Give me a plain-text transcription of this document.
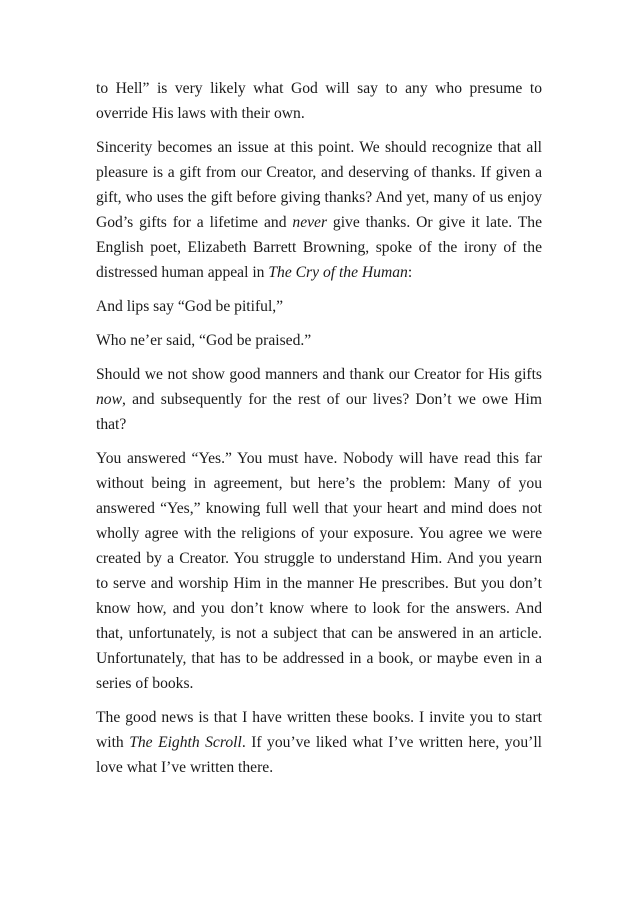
to Hell” is very likely what God will say to any who presume to override His laws with their own.

Sincerity becomes an issue at this point. We should recognize that all pleasure is a gift from our Creator, and deserving of thanks. If given a gift, who uses the gift before giving thanks? And yet, many of us enjoy God’s gifts for a lifetime and never give thanks. Or give it late. The English poet, Elizabeth Barrett Browning, spoke of the irony of the distressed human appeal in The Cry of the Human:

And lips say “God be pitiful,”

Who ne’er said, “God be praised.”

Should we not show good manners and thank our Creator for His gifts now, and subsequently for the rest of our lives? Don’t we owe Him that?

You answered “Yes.” You must have. Nobody will have read this far without being in agreement, but here’s the problem: Many of you answered “Yes,” knowing full well that your heart and mind does not wholly agree with the religions of your exposure. You agree we were created by a Creator. You struggle to understand Him. And you yearn to serve and worship Him in the manner He prescribes. But you don’t know how, and you don’t know where to look for the answers. And that, unfortunately, is not a subject that can be answered in an article. Unfortunately, that has to be addressed in a book, or maybe even in a series of books.

The good news is that I have written these books. I invite you to start with The Eighth Scroll. If you’ve liked what I’ve written here, you’ll love what I’ve written there.
